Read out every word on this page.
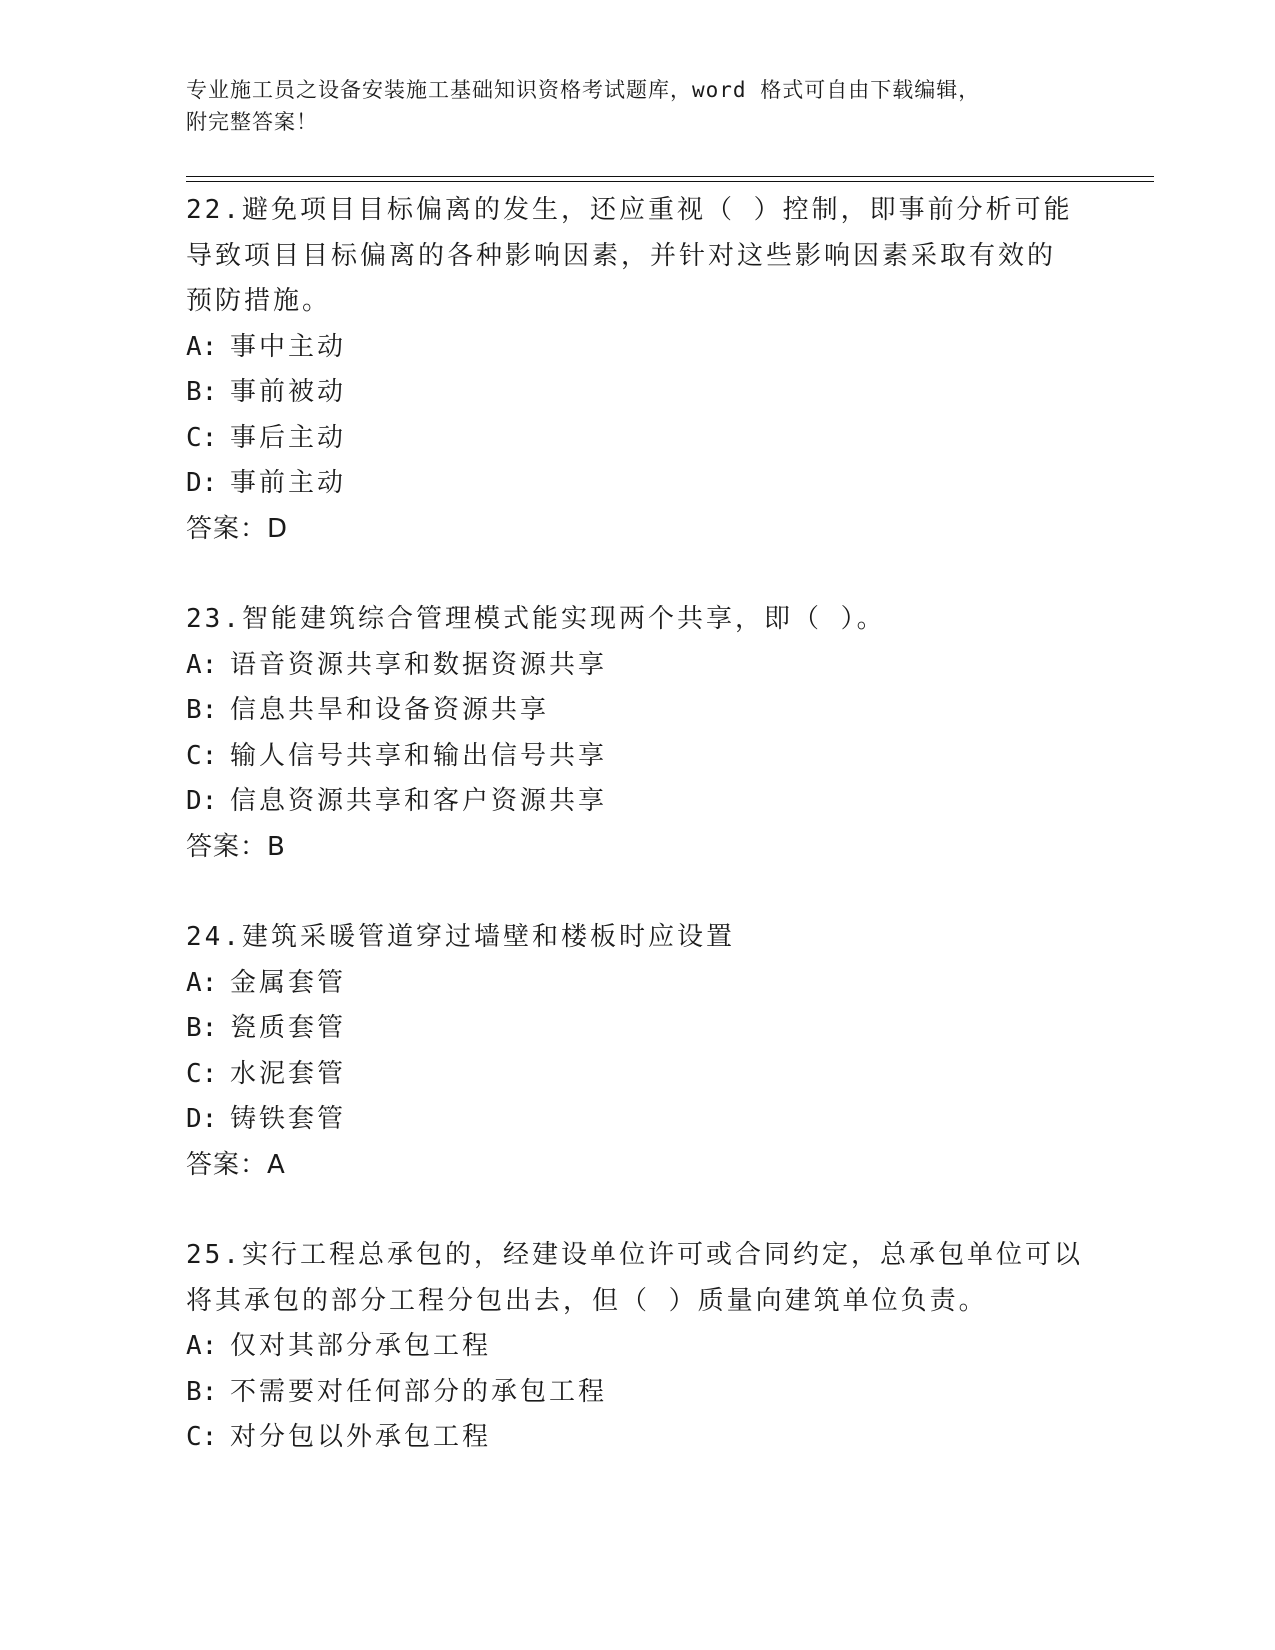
专业施工员之设备安装施工基础知识资格考试题库，word 格式可自由下载编辑，
附完整答案！

22.避免项目目标偏离的发生，还应重视（ ）控制，即事前分析可能

导致项目目标偏离的各种影响因素，并针对这些影响因素采取有效的

预防措施。

A: 事中主动

B: 事前被动

C: 事后主动

D: 事前主动

答案：D

23.智能建筑综合管理模式能实现两个共享，即（ ）。

A: 语音资源共享和数据资源共享

B: 信息共旱和设备资源共享

C: 输人信号共享和输出信号共享

D: 信息资源共享和客户资源共享

答案：B

24.建筑采暖管道穿过墙壁和楼板时应设置

A: 金属套管

B: 瓷质套管

C: 水泥套管

D: 铸铁套管

答案：A

25.实行工程总承包的，经建设单位许可或合同约定，总承包单位可以

将其承包的部分工程分包出去，但（ ）质量向建筑单位负责。

A: 仅对其部分承包工程

B: 不需要对任何部分的承包工程

C: 对分包以外承包工程
